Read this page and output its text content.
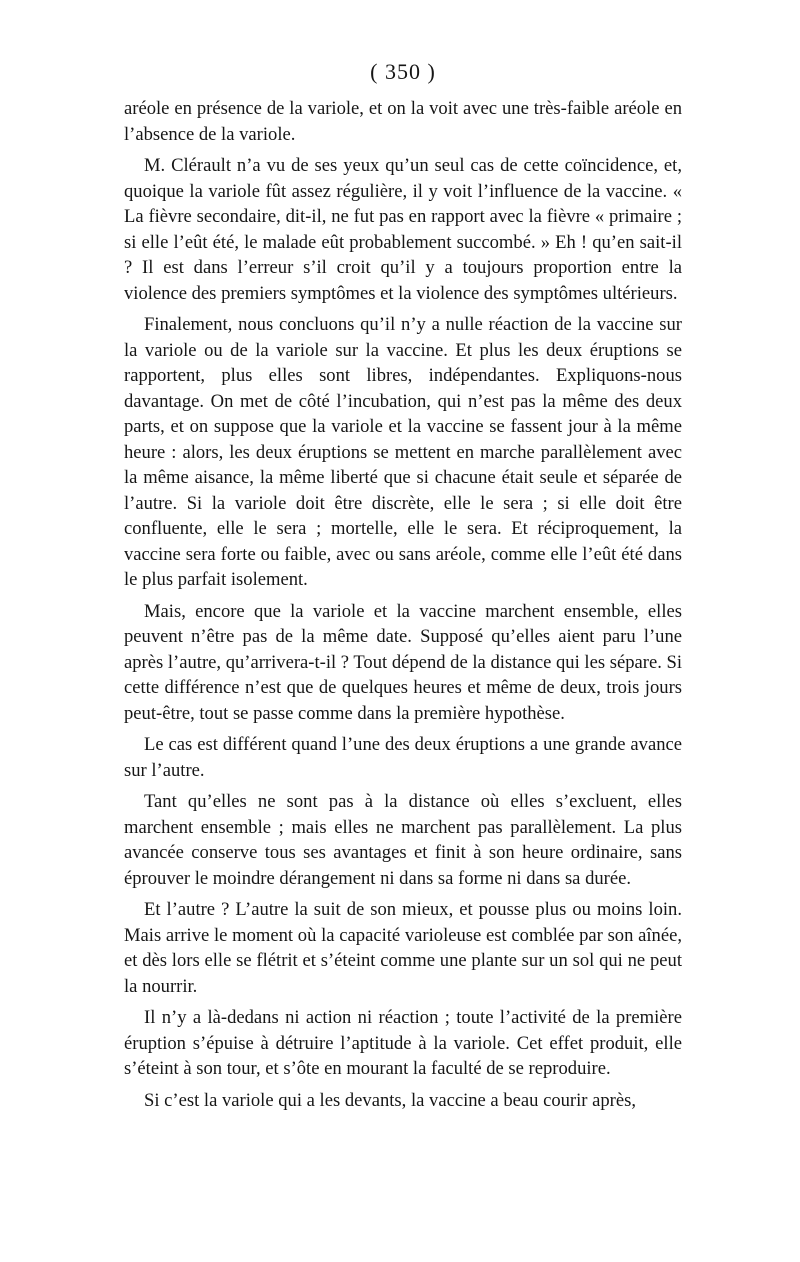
( 350 )

aréole en présence de la variole, et on la voit avec une très-faible aréole en l’absence de la variole.

M. Clérault n’a vu de ses yeux qu’un seul cas de cette coïncidence, et, quoique la variole fût assez régulière, il y voit l’influence de la vaccine. « La fièvre secondaire, dit-il, ne fut pas en rapport avec la fièvre « primaire ; si elle l’eût été, le malade eût probablement succombé. » Eh ! qu’en sait-il ? Il est dans l’erreur s’il croit qu’il y a toujours proportion entre la violence des premiers symptômes et la violence des symptômes ultérieurs.

Finalement, nous concluons qu’il n’y a nulle réaction de la vaccine sur la variole ou de la variole sur la vaccine. Et plus les deux éruptions se rapportent, plus elles sont libres, indépendantes. Expliquons-nous davantage. On met de côté l’incubation, qui n’est pas la même des deux parts, et on suppose que la variole et la vaccine se fassent jour à la même heure : alors, les deux éruptions se mettent en marche parallèlement avec la même aisance, la même liberté que si chacune était seule et séparée de l’autre. Si la variole doit être discrète, elle le sera ; si elle doit être confluente, elle le sera ; mortelle, elle le sera. Et réciproquement, la vaccine sera forte ou faible, avec ou sans aréole, comme elle l’eût été dans le plus parfait isolement.

Mais, encore que la variole et la vaccine marchent ensemble, elles peuvent n’être pas de la même date. Supposé qu’elles aient paru l’une après l’autre, qu’arrivera-t-il ? Tout dépend de la distance qui les sépare. Si cette différence n’est que de quelques heures et même de deux, trois jours peut-être, tout se passe comme dans la première hypothèse.

Le cas est différent quand l’une des deux éruptions a une grande avance sur l’autre.

Tant qu’elles ne sont pas à la distance où elles s’excluent, elles marchent ensemble ; mais elles ne marchent pas parallèlement. La plus avancée conserve tous ses avantages et finit à son heure ordinaire, sans éprouver le moindre dérangement ni dans sa forme ni dans sa durée.

Et l’autre ? L’autre la suit de son mieux, et pousse plus ou moins loin. Mais arrive le moment où la capacité varioleuse est comblée par son aînée, et dès lors elle se flétrit et s’éteint comme une plante sur un sol qui ne peut la nourrir.

Il n’y a là-dedans ni action ni réaction ; toute l’activité de la première éruption s’épuise à détruire l’aptitude à la variole. Cet effet produit, elle s’éteint à son tour, et s’ôte en mourant la faculté de se reproduire.

Si c’est la variole qui a les devants, la vaccine a beau courir après,
